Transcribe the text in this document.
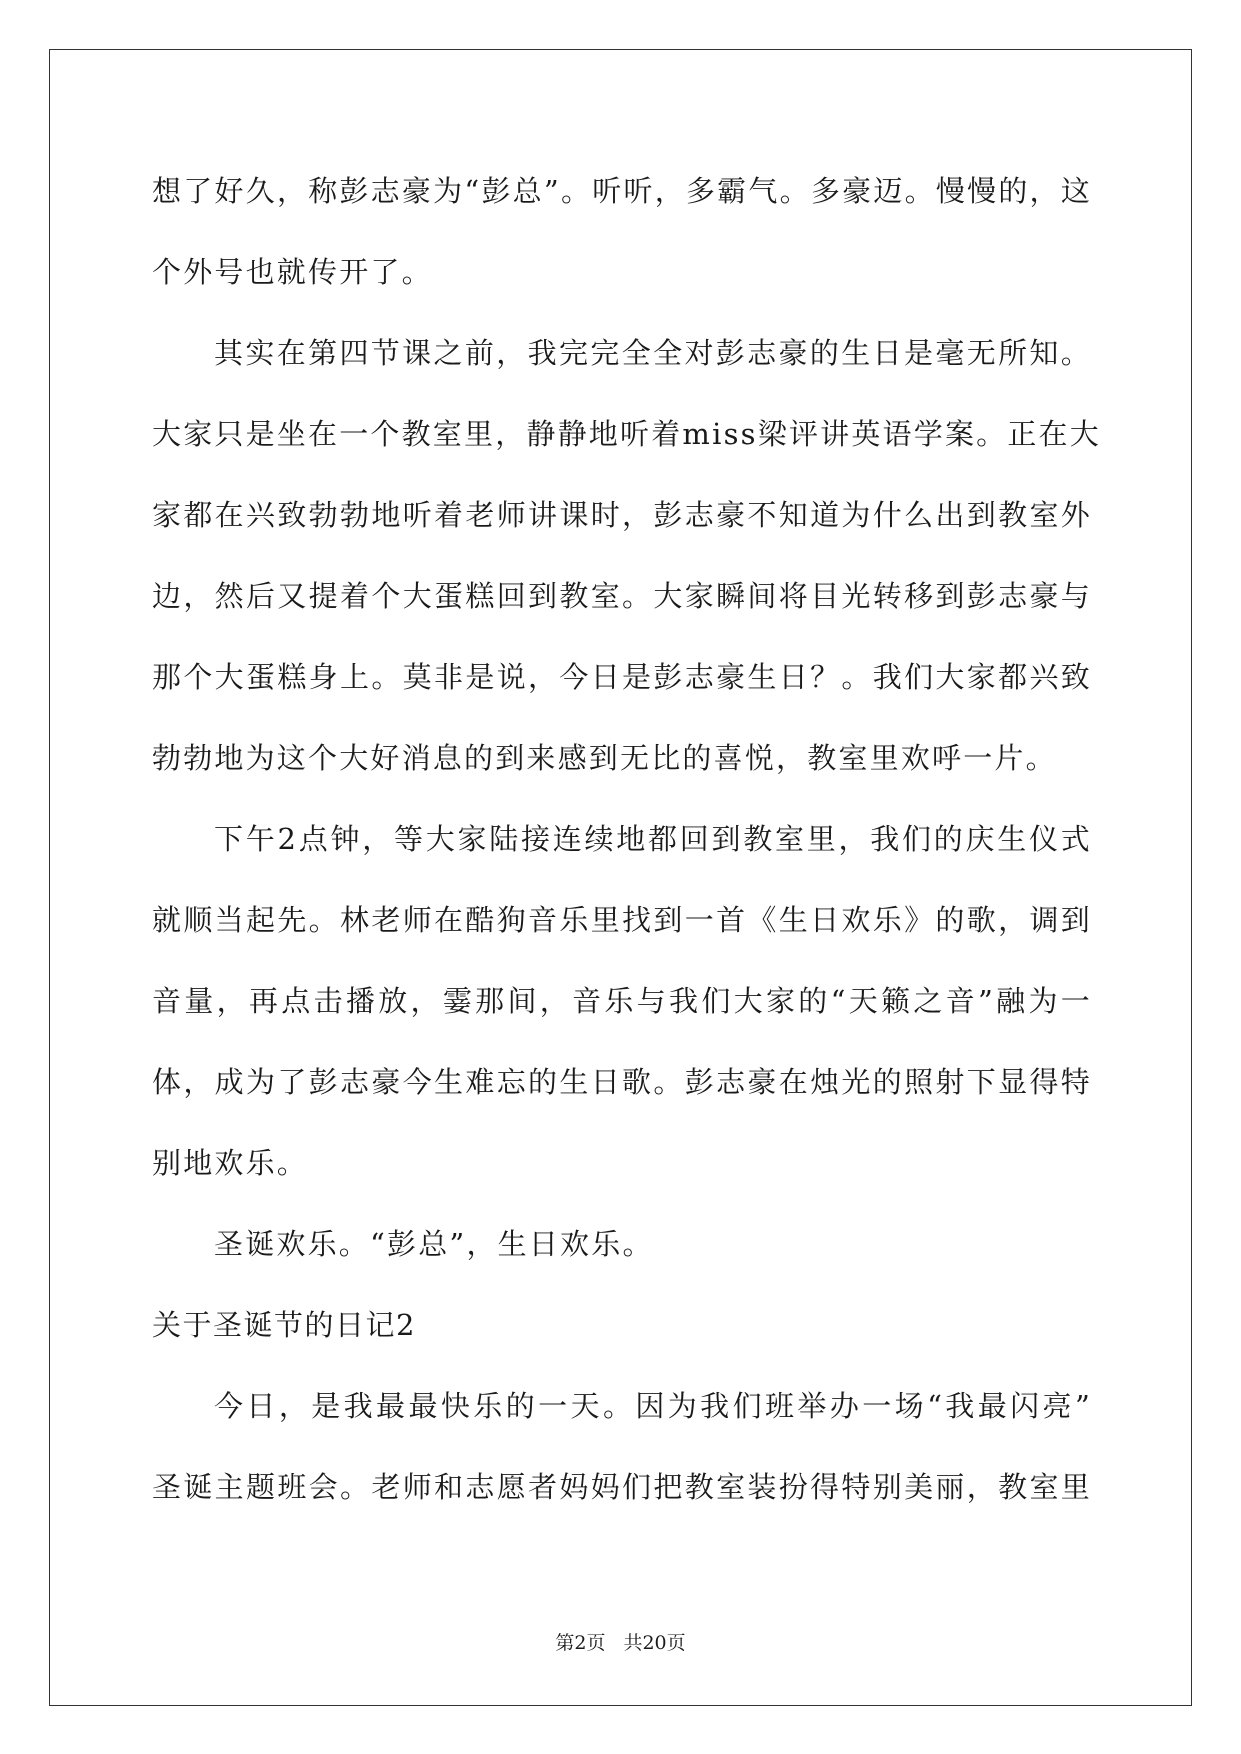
想了好久，称彭志豪为“彭总”。听听，多霸气。多豪迈。慢慢的，这
个外号也就传开了。
其实在第四节课之前，我完完全全对彭志豪的生日是毫无所知。
大家只是坐在一个教室里，静静地听着miss梁评讲英语学案。正在大
家都在兴致勃勃地听着老师讲课时，彭志豪不知道为什么出到教室外
边，然后又提着个大蛋糕回到教室。大家瞬间将目光转移到彭志豪与
那个大蛋糕身上。莫非是说，今日是彭志豪生日？。我们大家都兴致
勃勃地为这个大好消息的到来感到无比的喜悦，教室里欢呼一片。
下午2点钟，等大家陆接连续地都回到教室里，我们的庆生仪式
就顺当起先。林老师在酷狗音乐里找到一首《生日欢乐》的歌，调到
音量，再点击播放，霎那间，音乐与我们大家的“天籁之音”融为一
体，成为了彭志豪今生难忘的生日歌。彭志豪在烛光的照射下显得特
别地欢乐。
圣诞欢乐。“彭总”，生日欢乐。
关于圣诞节的日记2
今日，是我最最快乐的一天。因为我们班举办一场“我最闪亮”
圣诞主题班会。老师和志愿者妈妈们把教室装扮得特别美丽，教室里
第2页 共20页
